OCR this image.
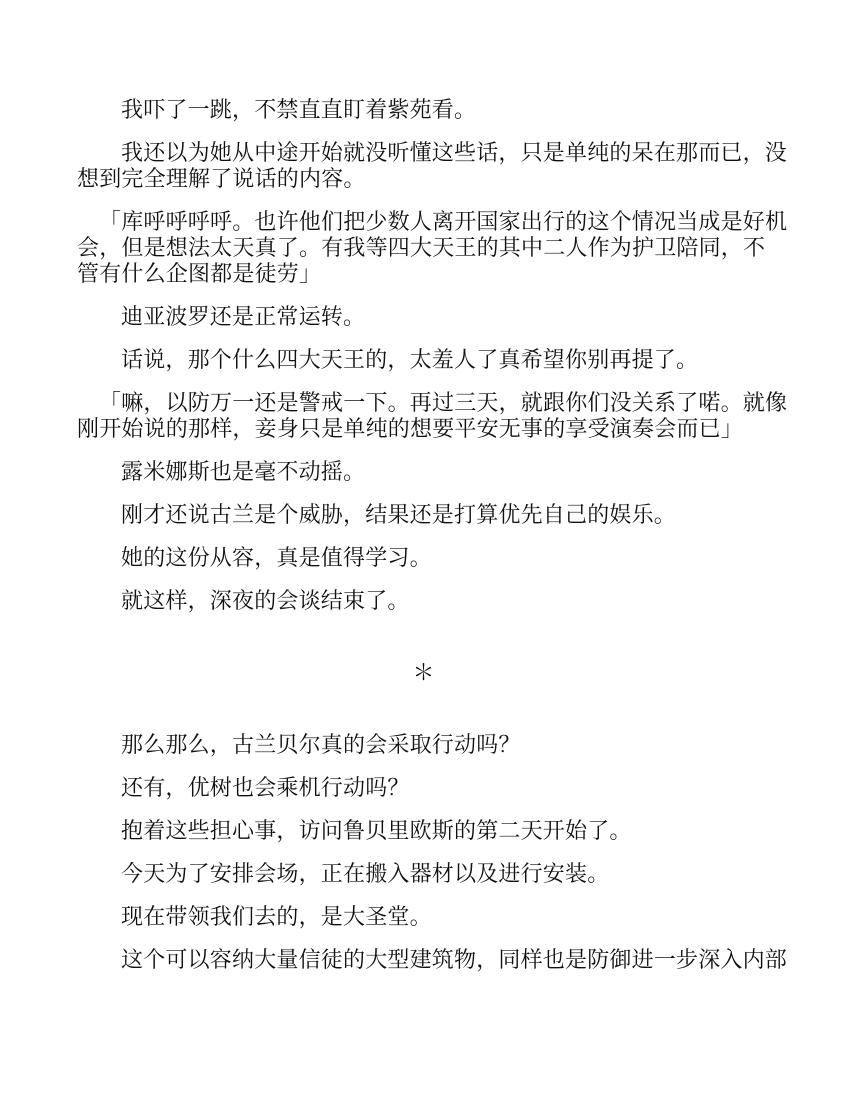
我吓了一跳，不禁直直盯着紫苑看。

我还以为她从中途开始就没听懂这些话，只是单纯的呆在那而已，没
想到完全理解了说话的内容。

「库呼呼呼呼。也许他们把少数人离开国家出行的这个情况当成是好机
会，但是想法太天真了。有我等四大天王的其中二人作为护卫陪同，不
管有什么企图都是徒劳」

迪亚波罗还是正常运转。

话说，那个什么四大天王的，太羞人了真希望你别再提了。

「嘛，以防万一还是警戒一下。再过三天，就跟你们没关系了喏。就像
刚开始说的那样，妾身只是单纯的想要平安无事的享受演奏会而已」

露米娜斯也是毫不动摇。

刚才还说古兰是个威胁，结果还是打算优先自己的娱乐。

她的这份从容，真是值得学习。

就这样，深夜的会谈结束了。

＊

那么那么，古兰贝尔真的会采取行动吗？

还有，优树也会乘机行动吗？

抱着这些担心事，访问鲁贝里欧斯的第二天开始了。

今天为了安排会场，正在搬入器材以及进行安装。

现在带领我们去的，是大圣堂。

这个可以容纳大量信徒的大型建筑物，同样也是防御进一步深入内部
